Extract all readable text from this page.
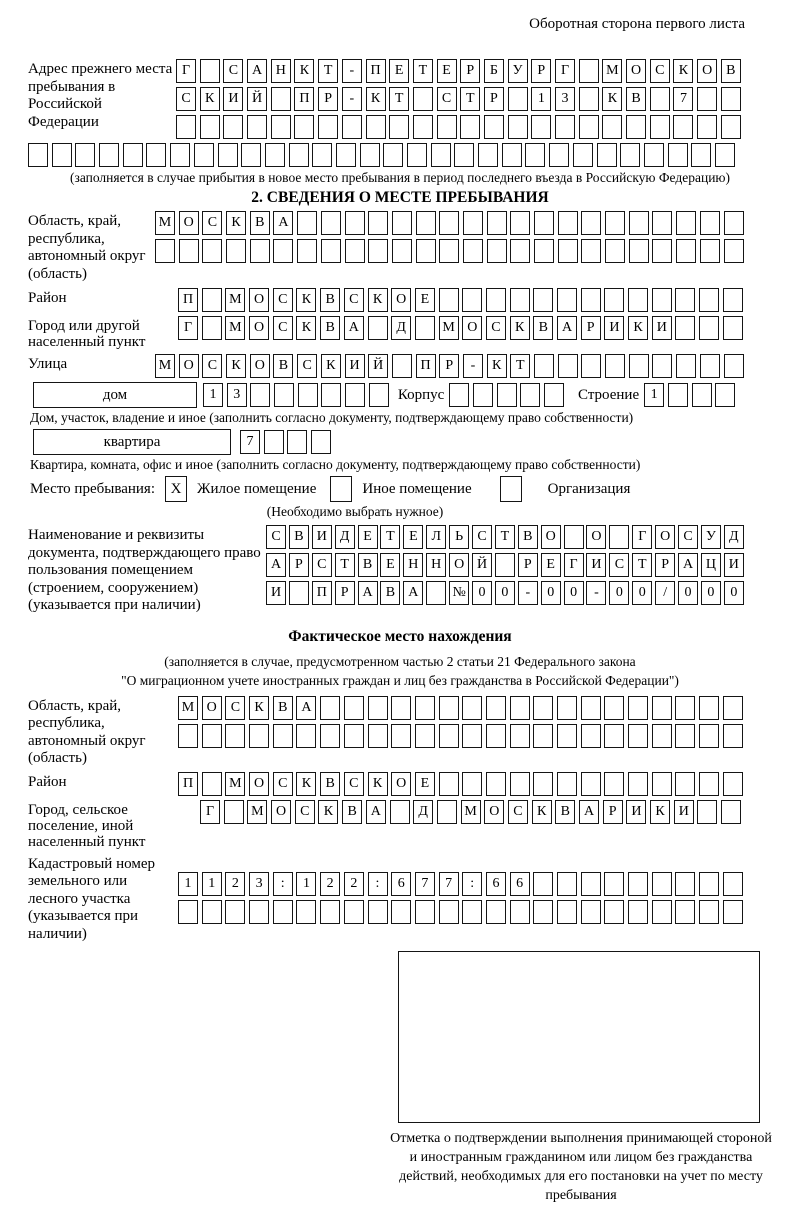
Оборотная сторона первого листа
Адрес прежнего места пребывания в Российской Федерации
Г	С А Н К	Т	-	П	Е	Т	Е	Р	Б	У	Р	Г	М О С	К О В
С	К И Й	П	Р	-	К	Т	С	Т	Р	1	3	К	В	7
(заполняется в случае прибытия в новое место пребывания в период последнего въезда в Российскую Федерацию)
2. СВЕДЕНИЯ О МЕСТЕ ПРЕБЫВАНИЯ
Область, край, республика, автономный округ (область)
М О С	К	В А
Район	П	М О С	К	В	С	К О	Е
Город или другой населенный пункт
Г	М О С	К	В А	Д	М О С	К	В А	Р	И К И
Улица	М О С	К О В	С	К И Й	П	Р	-	К	Т
дом	1	3	Корпус	Строение 1
Дом, участок, владение и иное (заполнить согласно документу, подтверждающему право собственности)
квартира	7
Квартира, комната, офис и иное (заполнить согласно документу, подтверждающему право собственности)
Место пребывания:	X	Жилое помещение	Иное помещение	Организация
(Необходимо выбрать нужное)
Наименование и реквизиты документа, подтверждающего право пользования помещением (строением, сооружением) (указывается при наличии)
С В И Д Е	Т	Е Л	Ь	С Т В О	О	Г О С У Д
А Р	С Т В Е Н Н О Й	Р	Е	Г И С Т	Р А Ц И
И	П Р А В А	№ 0	0	-	0	0	-	0	0	/	0	0	0
Фактическое место нахождения
(заполняется в случае, предусмотренном частью 2 статьи 21 Федерального закона
"О миграционном учете иностранных граждан и лиц без гражданства в Российской Федерации")
Область, край, республика, автономный округ (область)
М О С	К	В А
Район	П	М О С	К	В	С	К О	Е
Город, сельское поселение, иной населенный пункт
Г	М О С	К	В А	Д	М О С	К	В А	Р	И К И
Кадастровый номер земельного или лесного участка (указывается при наличии)
1	1	2	3	:	1	2	2	:	6	7	7	:	6	6
Отметка о подтверждении выполнения принимающей стороной и иностранным гражданином или лицом без гражданства действий, необходимых для его постановки на учет по месту пребывания
